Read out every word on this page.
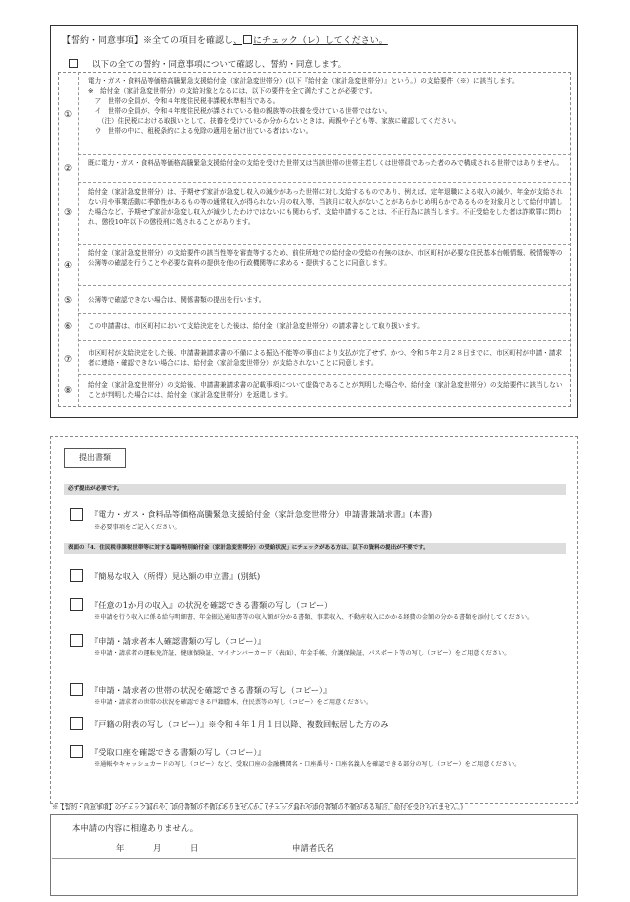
【誓約・同意事項】※全ての項目を確認し、 にチェック（レ）してください。
以下の全ての誓約・同意事項について確認し、誓約・同意します。
①
電力・ガス・食料品等価格高騰緊急支援給付金（家計急変世帯分）(以下『給付金（家計急変世帯分）』という。）の支給要件（※）に該当します。
※　給付金（家計急変世帯分）の支給対象となるには、以下の要件を全て満たすことが必要です。
　ア　世帯の全員が、令和４年度住民税非課税水準相当である。
　イ　世帯の全員が、令和４年度住民税が課されている他の親族等の扶養を受けている世帯ではない。
　　（注）住民税における取扱いとして、扶養を受けているか分からないときは、両親や子ども等、家族に確認してください。
　ウ　世帯の中に、租税条約による免除の適用を届け出ている者はいない。
②
既に電力・ガス・食料品等価格高騰緊急支援給付金の支給を受けた世帯又は当該世帯の世帯主若しくは世帯員であった者のみで構成される世帯ではありません。
③
給付金（家計急変世帯分）は、予期せず家計が急変し収入の減少があった世帯に対し支給するものであり、例えば、定年退職による収入の減少、年金が支給されない月や事業活動に季節性があるもの等の通常収入が得られない月の収入等、当該月に収入がないことがあらかじめ明らかであるものを対象月として給付申請した場合など、予期せず家計が急変し収入が減少したわけではないにも関わらず、支給申請することは、不正行為に該当します。不正受給をした者は詐欺罪に問われ、懲役10年以下の懲役刑に処されることがあります。
④
給付金（家計急変世帯分）の支給要件の該当性等を審査等するため、前住所地での給付金の受給の有無のほか、市区町村が必要な住民基本台帳情報、税情報等の公簿等の確認を行うことや必要な資料の提供を他の行政機関等に求める・提供することに同意します。
⑤	公簿等で確認できない場合は、関係書類の提出を行います。
⑥	この申請書は、市区町村において支給決定をした後は、給付金（家計急変世帯分）の請求書として取り扱います。
⑦
市区町村が支給決定をした後、申請書兼請求書の不備による振込不能等の事由により支払が完了せず、かつ、令和５年２月２８日までに、市区町村が申請・請求者に連絡・確認できない場合には、給付金（家計急変世帯分）が支給されないことに同意します。
⑧
給付金（家計急変世帯分）の支給後、申請書兼請求書の記載事項について虚偽であることが判明した場合や、給付金（家計急変世帯分）の支給要件に該当しないことが判明した場合には、給付金（家計急変世帯分）を返還します。
提出書類
必ず提出が必要です。
『電力・ガス・食料品等価格高騰緊急支援給付金（家計急変世帯分）申請書兼請求書』(本書)
※必要事項をご記入ください。
表面の「4．住民税非課税世帯等に対する臨時特別給付金（家計急変世帯分）の受給状況」にチェックがある方は、以下の資料の提出が不要です。
『簡易な収入（所得）見込額の申立書』(別紙)
『任意の1か月の収入』の状況を確認できる書類の写し（コピー）
※申請を行う収入に係る給与明細書、年金振込通知書等の収入額が分かる書類、事業収入、不動産収入にかかる経費の金額の分かる書類を添付してください。
『申請・請求者本人確認書類の写し（コピー）』
※申請・請求者の運転免許証、健康保険証、マイナンバーカード（表面）、年金手帳、介護保険証、パスポート等の写し（コピー）をご用意ください。
『申請・請求者の世帯の状況を確認できる書類の写し（コピー）』
※申請・請求者の世帯の状況を確認できる戸籍謄本、住民票等の写し（コピー）をご用意ください。
『戸籍の附表の写し（コピー）』※令和４年１月１日以降、複数回転居した方のみ
『受取口座を確認できる書類の写し（コピー）』
※通帳やキャッシュカードの写し（コピー）など、受取口座の金融機関名・口座番号・口座名義人を確認できる部分の写し（コピー）をご用意ください。
※【誓約・同意事項】のチェック漏れや、添付書類の不備はありませんか。(チェック漏れや添付書類の不備がある場合、給付を受けられません。)
本申請の内容に相違ありません。
年	月	日	申請者氏名
